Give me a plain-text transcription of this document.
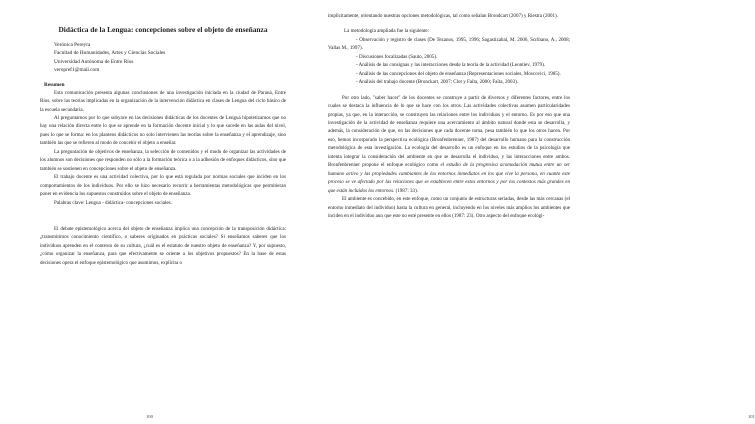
Didáctica de la Lengua: concepciones sobre el objeto de enseñanza
Verónica Pereyra
Facultad de Humanidades, Artes y Ciencias Sociales
Universidad Autónoma de Entre Ríos
veropref1@mail.com
Resumen

Esta comunicación presenta algunas conclusiones de una investigación iniciada en la ciudad de Paraná, Entre Ríos, sobre las teorías implicadas en la organización de la intervención didáctica en clases de Lengua del ciclo básico de la escuela secundaria.

Al preguntarnos por lo que subyace en las decisiones didácticas de los docentes de Lengua hipotetizamos que no hay una relación directa entre lo que se aprende en la formación docente inicial y lo que sucede en las aulas del nivel, pues lo que se forma: en los planteos didácticos no solo intervienen las teorías sobre la enseñanza y el aprendizaje, sino también las que se refieren al modo de concebir el objeto a enseñar.

La preguntación de objetivos de enseñanza, la selección de contenidos y el modo de organizar las actividades de los alumnos son decisiones que responden no sólo a la formación teórica o a la adhesión de enfoques didácticos, sino que también se sostienen en concepciones sobre el objeto de enseñanza.

El trabajo docente es una actividad colectiva, por lo que está regulada por normas sociales que inciden en los comportamientos de los individuos. Por ello se hizo necesario recurrir a herramientas metodológicas que permitieran poner en evidencia los supuestos construidos sobre el objeto de enseñanza.

Palabras clave: Lengua - didáctica- concepciones sociales.

El debate epistemológico acerca del objeto de enseñanza implica una concepción de la transposición didáctica: ¿transmitimos conocimiento científico, o saberes originados en prácticas sociales? Si enseñamos saberes que los individuos aprenden en el contexto de su cultura, ¿cuál es el estatuto de nuestro objeto de enseñanza? Y, por supuesto, ¿cómo organizar la enseñanza, para que efectivamente se oriente a los objetivos propuestos? En la base de estas decisiones opera el enfoque epistemológico que asumimos, explícita o

100

implícitamente, orientando nuestras opciones metodológicas, tal como señalan Brondcart (2007) y Riestra (2001).

La metodología ampliada fue la siguiente:
- Observación y registro de clases (De Tezanos, 1995, 1996; Sagastizabal, M. 2006, Scribano, A., 2008; Vallas M., 1997).
- Discusiones focalizadas (Sauto, 2005).
- Análisis de las consignas y las interacciones desde la teoría de la actividad (Leontiev, 1979).
- Análisis de las concepciones del objeto de enseñanza (Representaciones sociales, Moscovici, 1985).
- Análisis del trabajo docente (Bronckart, 2007; Clot y Faïta, 2000; Faïta, 2003).

Por otro lado, "saber hacer" de los docentes se construye a partir de diversos y diferentes factores, entre los cuales se destaca la influencia de lo que se hace con los otros. Las actividades colectivas asumen particularidades propias, ya que, en la interacción, se construyen las relaciones entre los individuos y el entorno. Es por eso que una investigación de la actividad de enseñanza requiere una acercamiento al ámbito natural donde esta se desarrolla, y además, la consideración de que, en las decisiones que cada docente toma, pesa también lo que los otros hacen. Por eso, hemos incorporado la perspectiva ecológica (Bronfenbrenner, 1987) del desarrollo humano para la construcción metodológica de esta investigación. La ecología del desarrollo es un enfoque en los estudios de la psicología que intenta integrar la consideración del ambiente en que se desarrolla el individuo, y las interacciones entre ambos. Bronfenbrenner propone el enfoque ecológico como el estudio de la progresiva acomodación mutua entre un ser humano activo y las propiedades cambiantes de los entornos inmediatos en los que vive la persona, en cuanto este proceso se ve afectado por las relaciones que se establecen entre estos entornos y por los contextos más grandes en que están incluidos los entornos. (1987: 33).

El ambiente es concebido, en este enfoque, como un conjunto de estructuras seriadas, desde las más cercanas (el entorno inmediato del individuo) hasta la cultura en general, incluyendo en los niveles más amplios los ambientes que inciden en el individuo aun que este no esté presente en ellos (1987: 23). Otro aspecto del enfoque ecológi-

101
